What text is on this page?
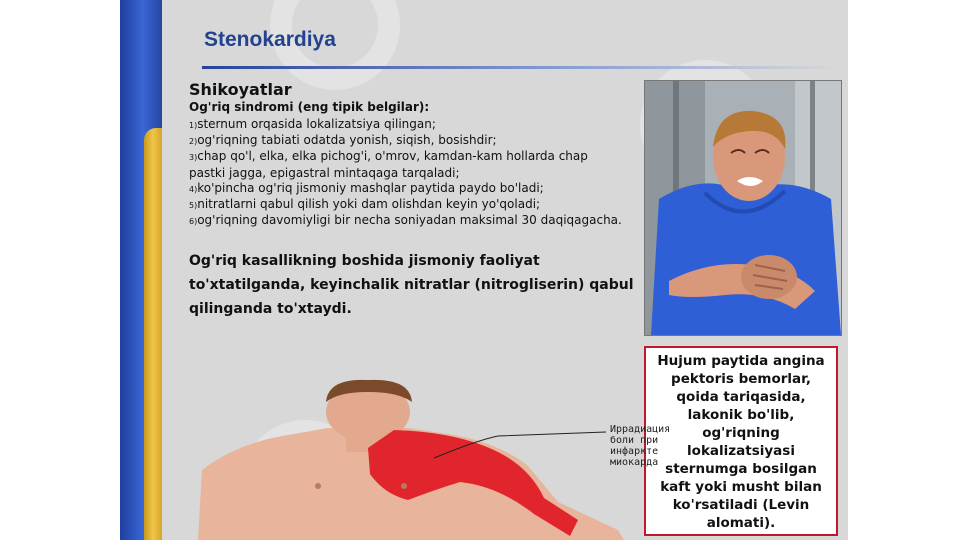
Stenokardiya
Shikoyatlar
Og'riq sindromi (eng tipik belgilar):
1)sternum orqasida lokalizatsiya qilingan;
2)og'riqning tabiati odatda yonish, siqish, bosishdir;
3)chap qo'l, elka, elka pichog'i, o'mrov, kamdan-kam hollarda chap pastki jagga, epigastral mintaqaga tarqaladi;
4)ko'pincha og'riq jismoniy mashqlar paytida paydo bo'ladi;
5)nitratlarni qabul qilish yoki dam olishdan keyin yo'qoladi;
6)og'riqning davomiyligi bir necha soniyadan maksimal 30 daqiqagacha.
Og'riq kasallikning boshida jismoniy faoliyat to'xtatilganda, keyinchalik nitratlar (nitrogliserin) qabul qilinganda to'xtaydi.
Hujum paytida angina pektoris bemorlar, qoida tariqasida, lakonik bo'lib, og'riqning lokalizatsiyasi sternumga bosilgan kaft yoki musht bilan ko'rsatiladi (Levin alomati).
Иррадиация
боли при
инфаркте
миокарда
